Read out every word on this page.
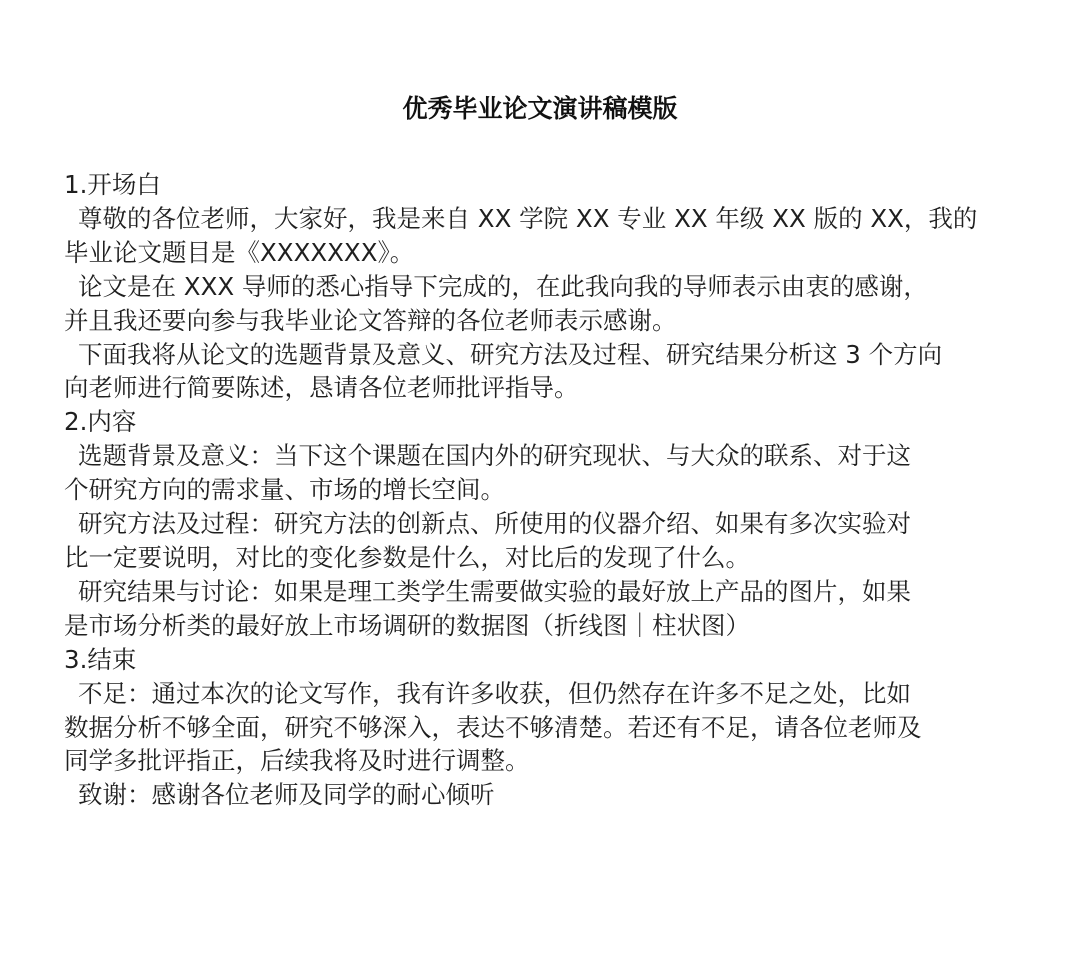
优秀毕业论文演讲稿模版
1.开场白
尊敬的各位老师，大家好，我是来自 XX 学院 XX 专业 XX 年级 XX 版的 XX，我的
毕业论文题目是《XXXXXXX》。
论文是在 XXX 导师的悉心指导下完成的，在此我向我的导师表示由衷的感谢，
并且我还要向参与我毕业论文答辩的各位老师表示感谢。
下面我将从论文的选题背景及意义、研究方法及过程、研究结果分析这 3 个方向
向老师进行简要陈述，恳请各位老师批评指导。
2.内容
选题背景及意义：当下这个课题在国内外的研究现状、与大众的联系、对于这
个研究方向的需求量、市场的增长空间。
研究方法及过程：研究方法的创新点、所使用的仪器介绍、如果有多次实验对
比一定要说明，对比的变化参数是什么，对比后的发现了什么。
研究结果与讨论：如果是理工类学生需要做实验的最好放上产品的图片，如果
是市场分析类的最好放上市场调研的数据图（折线图｜柱状图）
3.结束
不足：通过本次的论文写作，我有许多收获，但仍然存在许多不足之处，比如
数据分析不够全面，研究不够深入，表达不够清楚。若还有不足，请各位老师及
同学多批评指正，后续我将及时进行调整。
致谢：感谢各位老师及同学的耐心倾听
